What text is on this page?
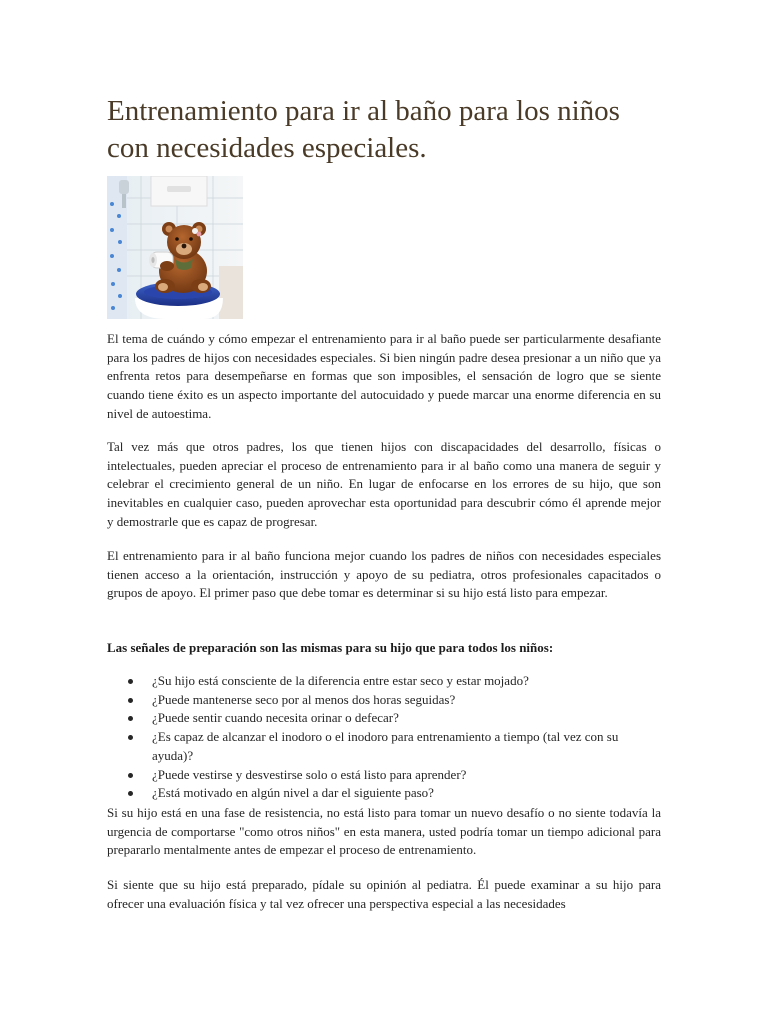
Entrenamiento para ir al baño para los niños con necesidades especiales.

El tema de cuándo y cómo empezar el entrenamiento para ir al baño puede ser particularmente desafiante para los padres de hijos con necesidades especiales. Si bien ningún padre desea presionar a un niño que ya enfrenta retos para desempeñarse en formas que son imposibles, el sensación de logro que se siente cuando tiene éxito es un aspecto importante del autocuidado y puede marcar una enorme diferencia en su nivel de autoestima.

Tal vez más que otros padres, los que tienen hijos con discapacidades del desarrollo, físicas o intelectuales, pueden apreciar el proceso de entrenamiento para ir al baño como una manera de seguir y celebrar el crecimiento general de un niño. En lugar de enfocarse en los errores de su hijo, que son inevitables en cualquier caso, pueden aprovechar esta oportunidad para descubrir cómo él aprende mejor y demostrarle que es capaz de progresar.

El entrenamiento para ir al baño funciona mejor cuando los padres de niños con necesidades especiales tienen acceso a la orientación, instrucción y apoyo de su pediatra, otros profesionales capacitados o grupos de apoyo. El primer paso que debe tomar es determinar si su hijo está listo para empezar.

Las señales de preparación son las mismas para su hijo que para todos los niños:

¿Su hijo está consciente de la diferencia entre estar seco y estar mojado?
¿Puede mantenerse seco por al menos dos horas seguidas?
¿Puede sentir cuando necesita orinar o defecar?
¿Es capaz de alcanzar el inodoro o el inodoro para entrenamiento a tiempo (tal vez con su ayuda)?
¿Puede vestirse y desvestirse solo o está listo para aprender?
¿Está motivado en algún nivel a dar el siguiente paso?

Si su hijo está en una fase de resistencia, no está listo para tomar un nuevo desafío o no siente todavía la urgencia de comportarse "como otros niños" en esta manera, usted podría tomar un tiempo adicional para prepararlo mentalmente antes de empezar el proceso de entrenamiento.

Si siente que su hijo está preparado, pídale su opinión al pediatra. Él puede examinar a su hijo para ofrecer una evaluación física y tal vez ofrecer una perspectiva especial a las necesidades
